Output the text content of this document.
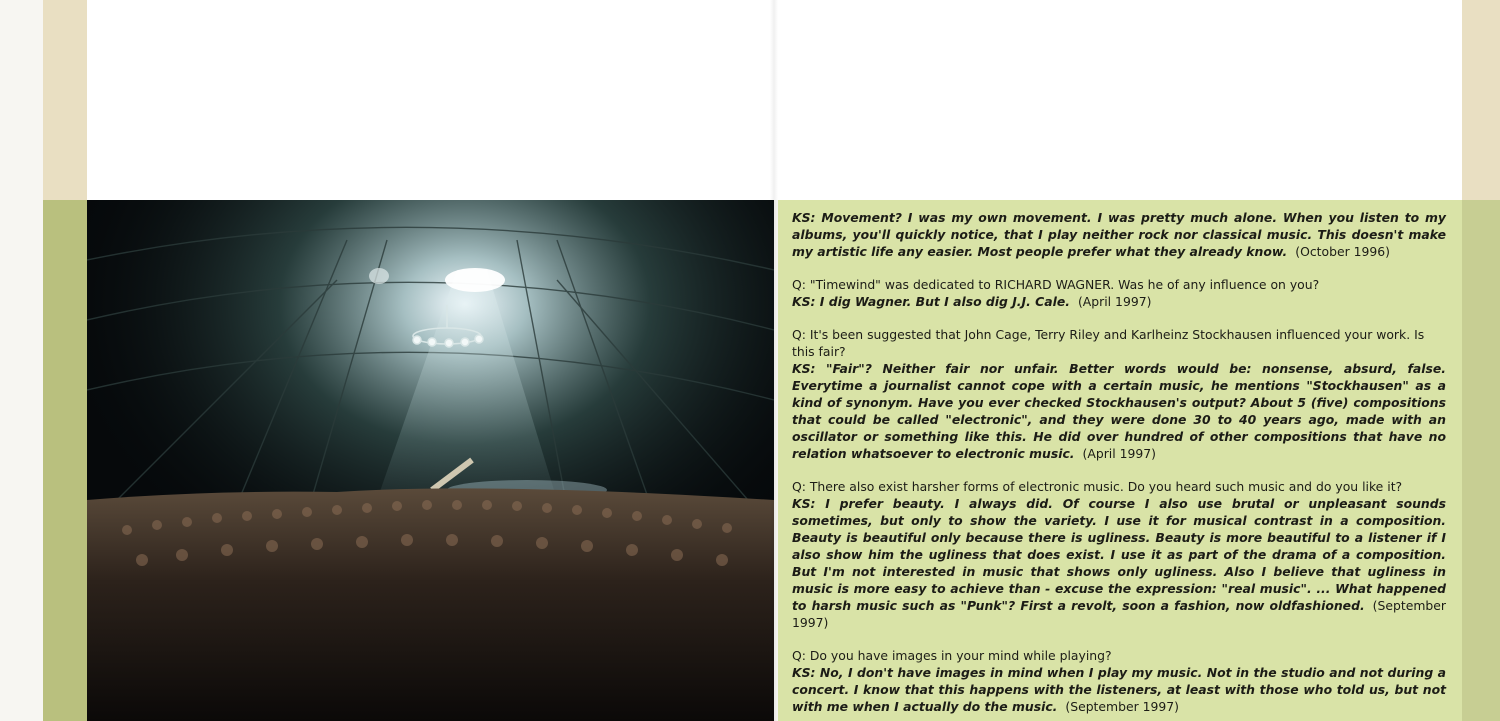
KS: Movement? I was my own movement. I was pretty much alone. When you listen to my albums, you'll quickly notice, that I play neither rock nor classical music. This doesn't make my artistic life any easier. Most people prefer what they already know. (October 1996)

Q: "Timewind" was dedicated to RICHARD WAGNER. Was he of any influence on you?

KS: I dig Wagner. But I also dig J.J. Cale. (April 1997)

Q: It's been suggested that John Cage, Terry Riley and Karlheinz Stockhausen influenced your work. Is this fair?

KS: "Fair"? Neither fair nor unfair. Better words would be: nonsense, absurd, false. Everytime a journalist cannot cope with a certain music, he mentions "Stockhausen" as a kind of synonym. Have you ever checked Stockhausen's output? About 5 (five) compositions that could be called "electronic", and they were done 30 to 40 years ago, made with an oscillator or something like this. He did over hundred of other compositions that have no relation whatsoever to electronic music. (April 1997)

Q: There also exist harsher forms of electronic music. Do you heard such music and do you like it?

KS: I prefer beauty. I always did. Of course I also use brutal or unpleasant sounds sometimes, but only to show the variety. I use it for musical contrast in a composition. Beauty is beautiful only because there is ugliness. Beauty is more beautiful to a listener if I also show him the ugliness that does exist. I use it as part of the drama of a composition. But I'm not interested in music that shows only ugliness. Also I believe that ugliness in music is more easy to achieve than - excuse the expression: "real music". ... What happened to harsh music such as "Punk"? First a revolt, soon a fashion, now oldfashioned. (September 1997)

Q: Do you have images in your mind while playing?

KS: No, I don't have images in mind when I play my music. Not in the studio and not during a concert. I know that this happens with the listeners, at least with those who told us, but not with me when I actually do the music. (September 1997)
